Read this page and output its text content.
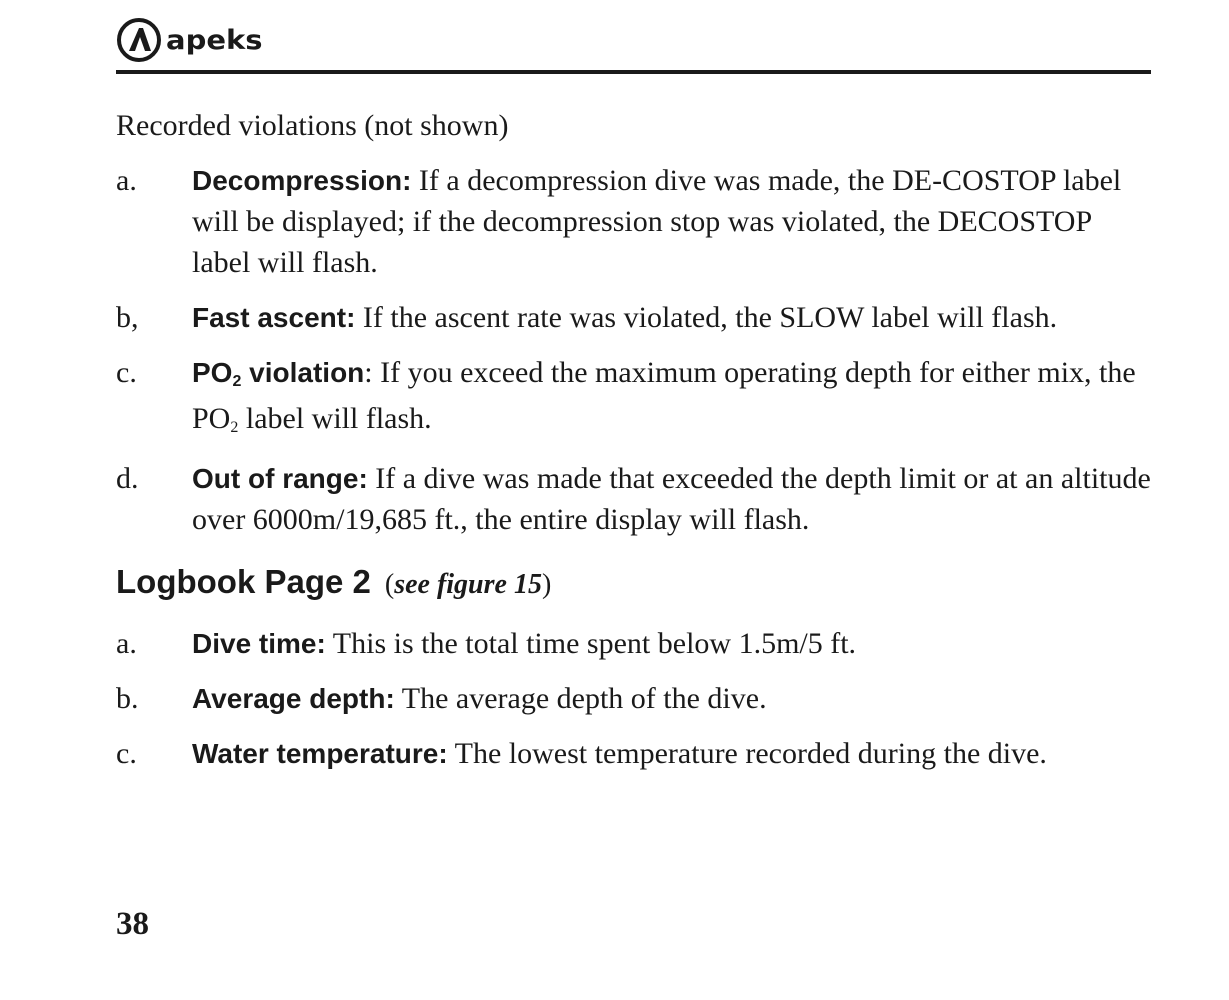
apeks

Recorded violations (not shown)

a.	Decompression: If a decompression dive was made, the DE-COSTOP label will be displayed; if the decompression stop was violated, the DECOSTOP label will flash.
b,	Fast ascent: If the ascent rate was violated, the SLOW label will flash.
c.	$PO_2$ violation: If you exceed the maximum operating depth for either mix, the $PO_2$ label will flash.
d.	Out of range: If a dive was made that exceeded the depth limit or at an altitude over 6000m/19,685 ft., the entire display will flash.
Logbook Page 2 (see figure 15)
a.	Dive time: This is the total time spent below 1.5m/5 ft.
b.	Average depth: The average depth of the dive.
c.	Water temperature: The lowest temperature recorded during the dive.
38
